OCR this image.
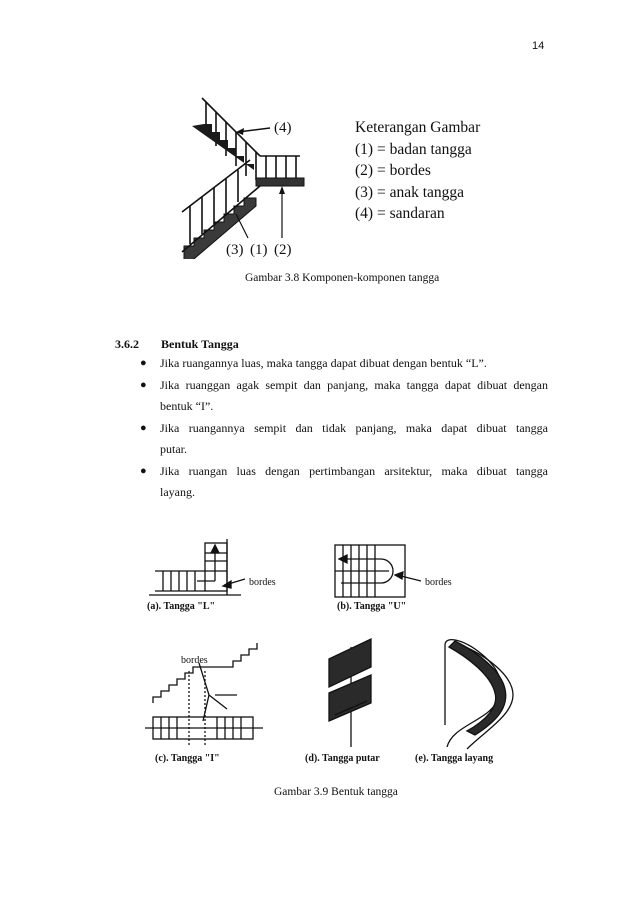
14
(4)
(3) (1) (2)
Keterangan Gambar
(1) = badan tangga
(2) = bordes
(3) = anak tangga
(4) = sandaran
Gambar 3.8 Komponen-komponen tangga
3.6.2 Bentuk Tangga
● Jika ruangannya luas, maka tangga dapat dibuat dengan bentuk “L”.
● Jika ruanggan agak sempit dan panjang, maka tangga dapat dibuat dengan
bentuk “I”.
● Jika ruangannya sempit dan tidak panjang, maka dapat dibuat tangga
putar.
● Jika ruangan luas dengan pertimbangan arsitektur, maka dibuat tangga
layang.
(a). Tangga "L"
bordes
(b). Tangga "U"
bordes
(c). Tangga "I"
bordes
(d). Tangga putar	(e). Tangga layang
Gambar 3.9 Bentuk tangga
